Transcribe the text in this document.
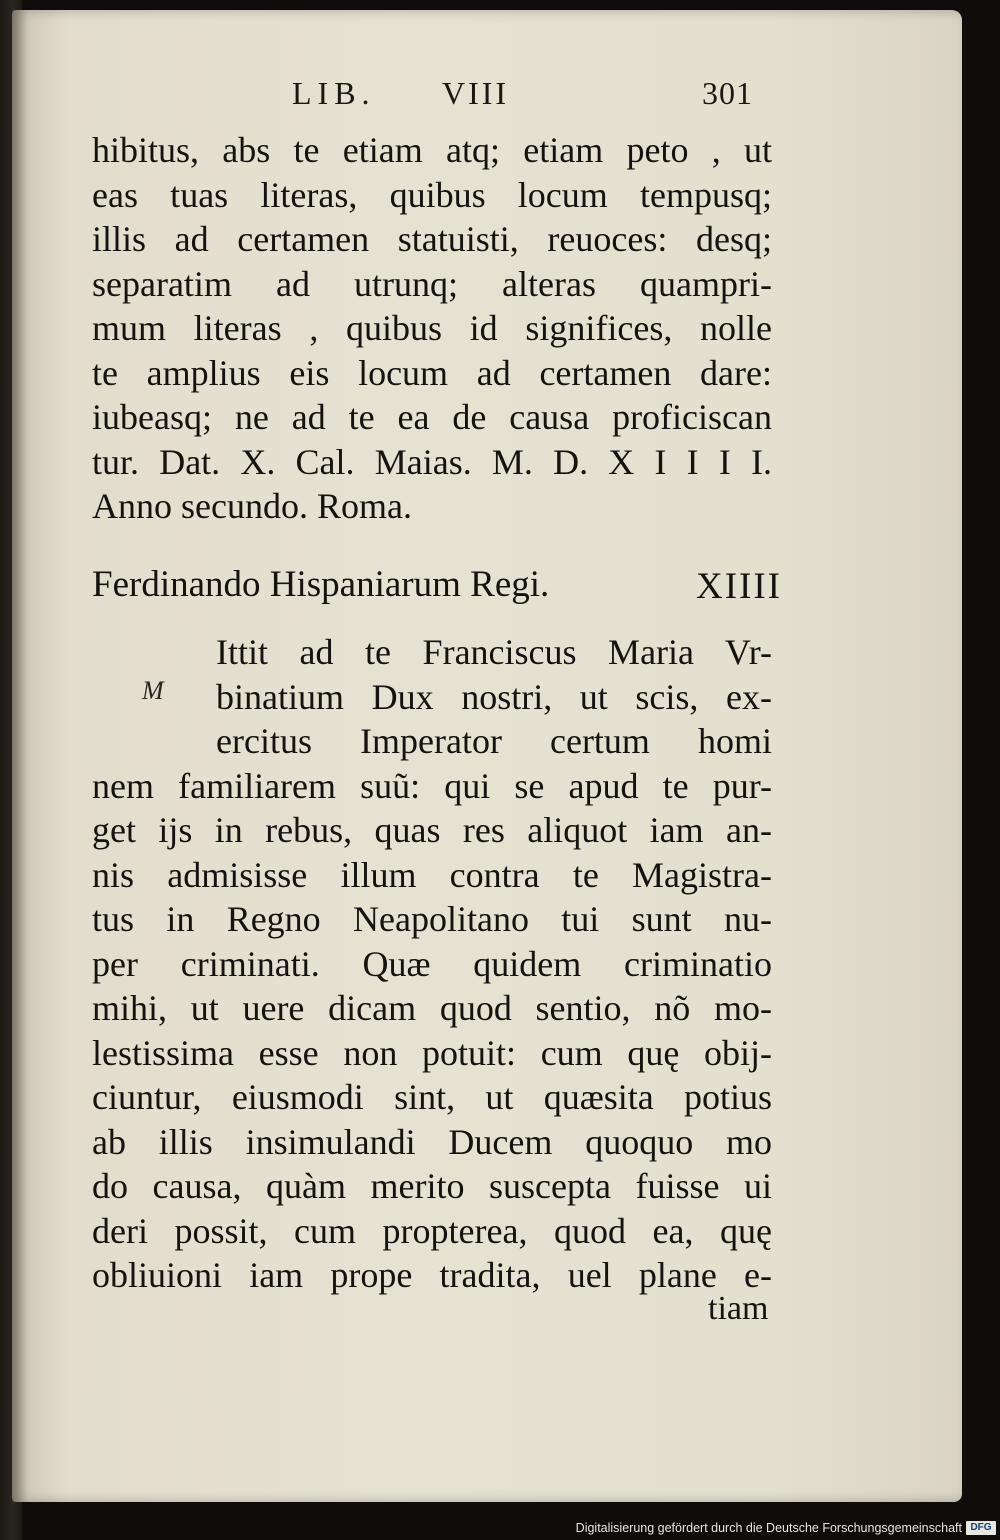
LIB. VIII	301
hibitus, abs te etiam atq; etiam peto , ut
eas tuas literas, quibus locum tempusq;
illis ad certamen statuisti, reuoces: desq;
separatim ad utrunq; alteras quampri-
mum literas , quibus id significes, nolle
te amplius eis locum ad certamen dare:
iubeasq; ne ad te ea de causa proficiscan
tur. Dat. X. Cal. Maias. M. D. X I I I I.
Anno secundo. Roma.
Ferdinando Hispaniarum Regi.	XIIII
M
Ittit ad te Franciscus Maria Vr-
binatium Dux nostri, ut scis, ex-
ercitus Imperator certum homi
nem familiarem suũ: qui se apud te pur-
get ijs in rebus, quas res aliquot iam an-
nis admisisse illum contra te Magistra-
tus in Regno Neapolitano tui sunt nu-
per criminati. Quæ quidem criminatio
mihi, ut uere dicam quod sentio, nõ mo-
lestissima esse non potuit: cum quę obij-
ciuntur, eiusmodi sint, ut quæsita potius
ab illis insimulandi Ducem quoquo mo
do causa, quàm merito suscepta fuisse ui
deri possit, cum propterea, quod ea, quę
obliuioni iam prope tradita, uel plane e-
tiam
Digitalisierung gefördert durch die Deutsche Forschungsgemeinschaft DFG
